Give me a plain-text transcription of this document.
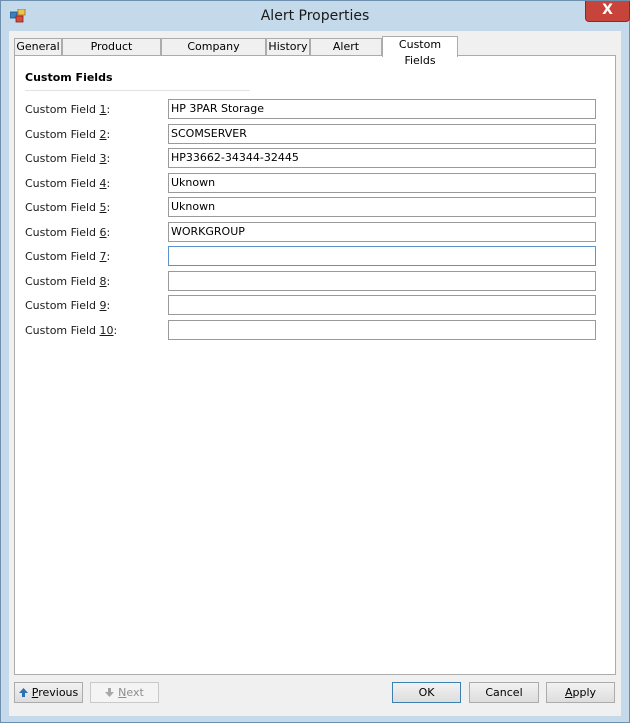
Alert Properties	X
General	Product	Company	History	Alert	Custom Fields
Custom Fields
Custom Field 1:	HP 3PAR Storage
Custom Field 2:	SCOMSERVER
Custom Field 3:	HP33662-34344-32445
Custom Field 4:	Uknown
Custom Field 5:	Uknown
Custom Field 6:	WORKGROUP
Custom Field 7:
Custom Field 8:
Custom Field 9:
Custom Field 10:
Previous	Next	OK	Cancel	Apply
